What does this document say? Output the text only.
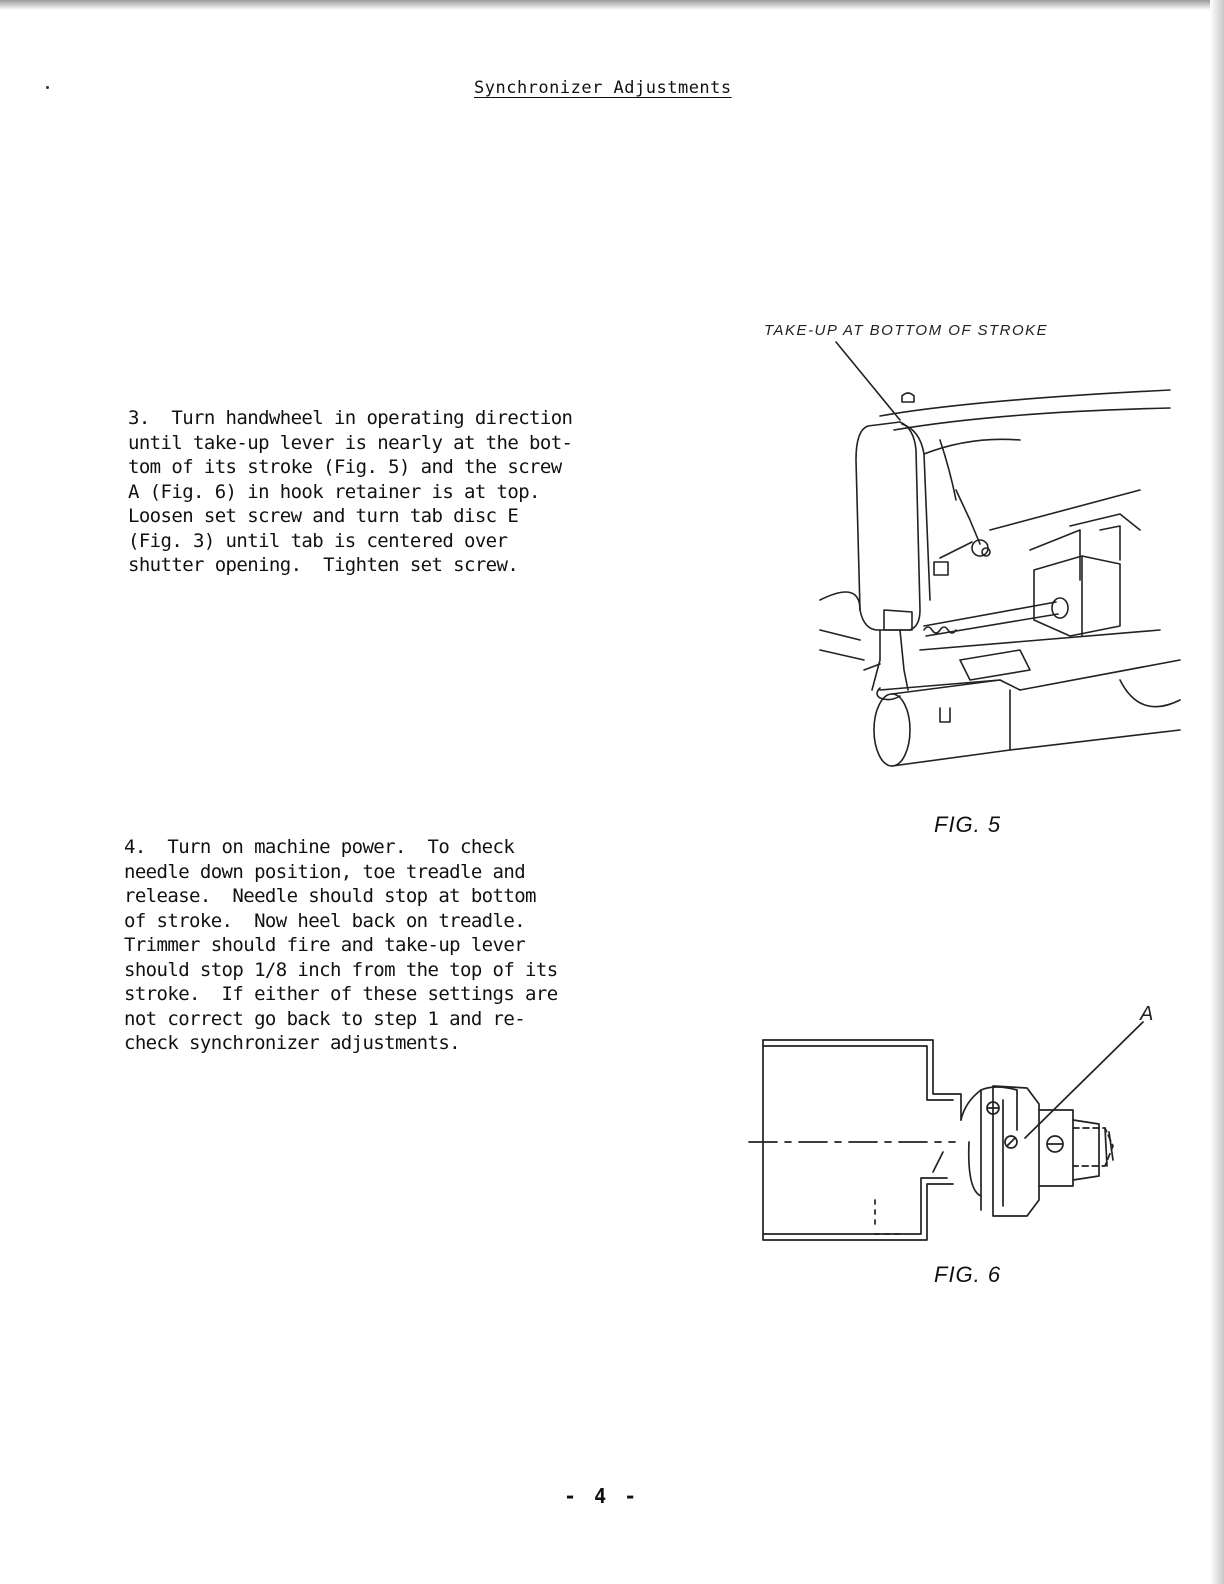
Synchronizer Adjustments
3.  Turn handwheel in operating direction
until take-up lever is nearly at the bot-
tom of its stroke (Fig. 5) and the screw
A (Fig. 6) in hook retainer is at top.
Loosen set screw and turn tab disc E
(Fig. 3) until tab is centered over
shutter opening.  Tighten set screw.
4.  Turn on machine power.  To check
needle down position, toe treadle and
release.  Needle should stop at bottom
of stroke.  Now heel back on treadle.
Trimmer should fire and take-up lever
should stop 1/8 inch from the top of its
stroke.  If either of these settings are
not correct go back to step 1 and re-
check synchronizer adjustments.
TAKE-UP AT BOTTOM OF STROKE
FIG. 5
A
FIG. 6
- 4 -
